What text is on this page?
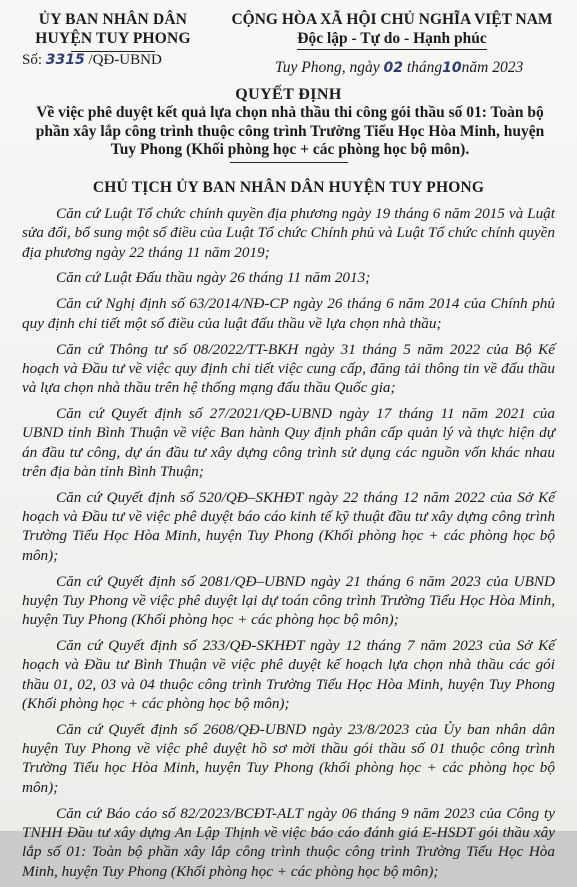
ỦY BAN NHÂN DÂN
HUYỆN TUY PHONG
Số: 3315 /QĐ-UBND
CỘNG HÒA XÃ HỘI CHỦ NGHĨA VIỆT NAM
Độc lập - Tự do - Hạnh phúc
Tuy Phong, ngày 02 tháng10năm 2023
QUYẾT ĐỊNH
Về việc phê duyệt kết quả lựa chọn nhà thầu thi công gói thầu số 01: Toàn bộ phần xây lắp công trình thuộc công trình Trường Tiểu Học Hòa Minh, huyện Tuy Phong (Khối phòng học + các phòng học bộ môn).
CHỦ TỊCH ỦY BAN NHÂN DÂN HUYỆN TUY PHONG

Căn cứ Luật Tổ chức chính quyền địa phương ngày 19 tháng 6 năm 2015 và Luật sửa đổi, bổ sung một số điều của Luật Tổ chức Chính phủ và Luật Tổ chức chính quyền địa phương ngày 22 tháng 11 năm 2019;

Căn cứ Luật Đấu thầu ngày 26 tháng 11 năm 2013;

Căn cứ Nghị định số 63/2014/NĐ-CP ngày 26 tháng 6 năm 2014 của Chính phủ quy định chi tiết một số điều của luật đấu thầu về lựa chọn nhà thầu;

Căn cứ Thông tư số 08/2022/TT-BKH ngày 31 tháng 5 năm 2022 của Bộ Kế hoạch và Đầu tư về việc quy định chi tiết việc cung cấp, đăng tải thông tin về đấu thầu và lựa chọn nhà thầu trên hệ thống mạng đấu thầu Quốc gia;

Căn cứ Quyết định số 27/2021/QĐ-UBND ngày 17 tháng 11 năm 2021 của UBND tỉnh Bình Thuận về việc Ban hành Quy định phân cấp quản lý và thực hiện dự án đầu tư công, dự án đầu tư xây dựng công trình sử dụng các nguồn vốn khác nhau trên địa bàn tỉnh Bình Thuận;

Căn cứ Quyết định số 520/QĐ–SKHĐT ngày 22 tháng 12 năm 2022 của Sở Kế hoạch và Đầu tư về việc phê duyệt báo cáo kinh tế kỹ thuật đầu tư xây dựng công trình Trường Tiểu Học Hòa Minh, huyện Tuy Phong (Khối phòng học + các phòng học bộ môn);

Căn cứ Quyết định số 2081/QĐ–UBND ngày 21 tháng 6 năm 2023 của UBND huyện Tuy Phong về việc phê duyệt lại dự toán công trình Trường Tiểu Học Hòa Minh, huyện Tuy Phong (Khối phòng học + các phòng học bộ môn);

Căn cứ Quyết định số 233/QĐ-SKHĐT ngày 12 tháng 7 năm 2023 của Sở Kế hoạch và Đầu tư Bình Thuận về việc phê duyệt kế hoạch lựa chọn nhà thầu các gói thầu 01, 02, 03 và 04 thuộc công trình Trường Tiểu Học Hòa Minh, huyện Tuy Phong (Khối phòng học + các phòng học bộ môn);

Căn cứ Quyết định số 2608/QĐ-UBND ngày 23/8/2023 của Ủy ban nhân dân huyện Tuy Phong về việc phê duyệt hồ sơ mời thầu gói thầu số 01 thuộc công trình Trường Tiểu học Hòa Minh, huyện Tuy Phong (khối phòng học + các phòng học bộ môn);

Căn cứ Báo cáo số 82/2023/BCĐT-ALT ngày 06 tháng 9 năm 2023 của Công ty TNHH Đầu tư xây dựng An Lập Thịnh về việc báo cáo đánh giá E-HSDT gói thầu xây lắp số 01: Toàn bộ phần xây lắp công trình thuộc công trình Trường Tiểu Học Hòa Minh, huyện Tuy Phong (Khối phòng học + các phòng học bộ môn);
